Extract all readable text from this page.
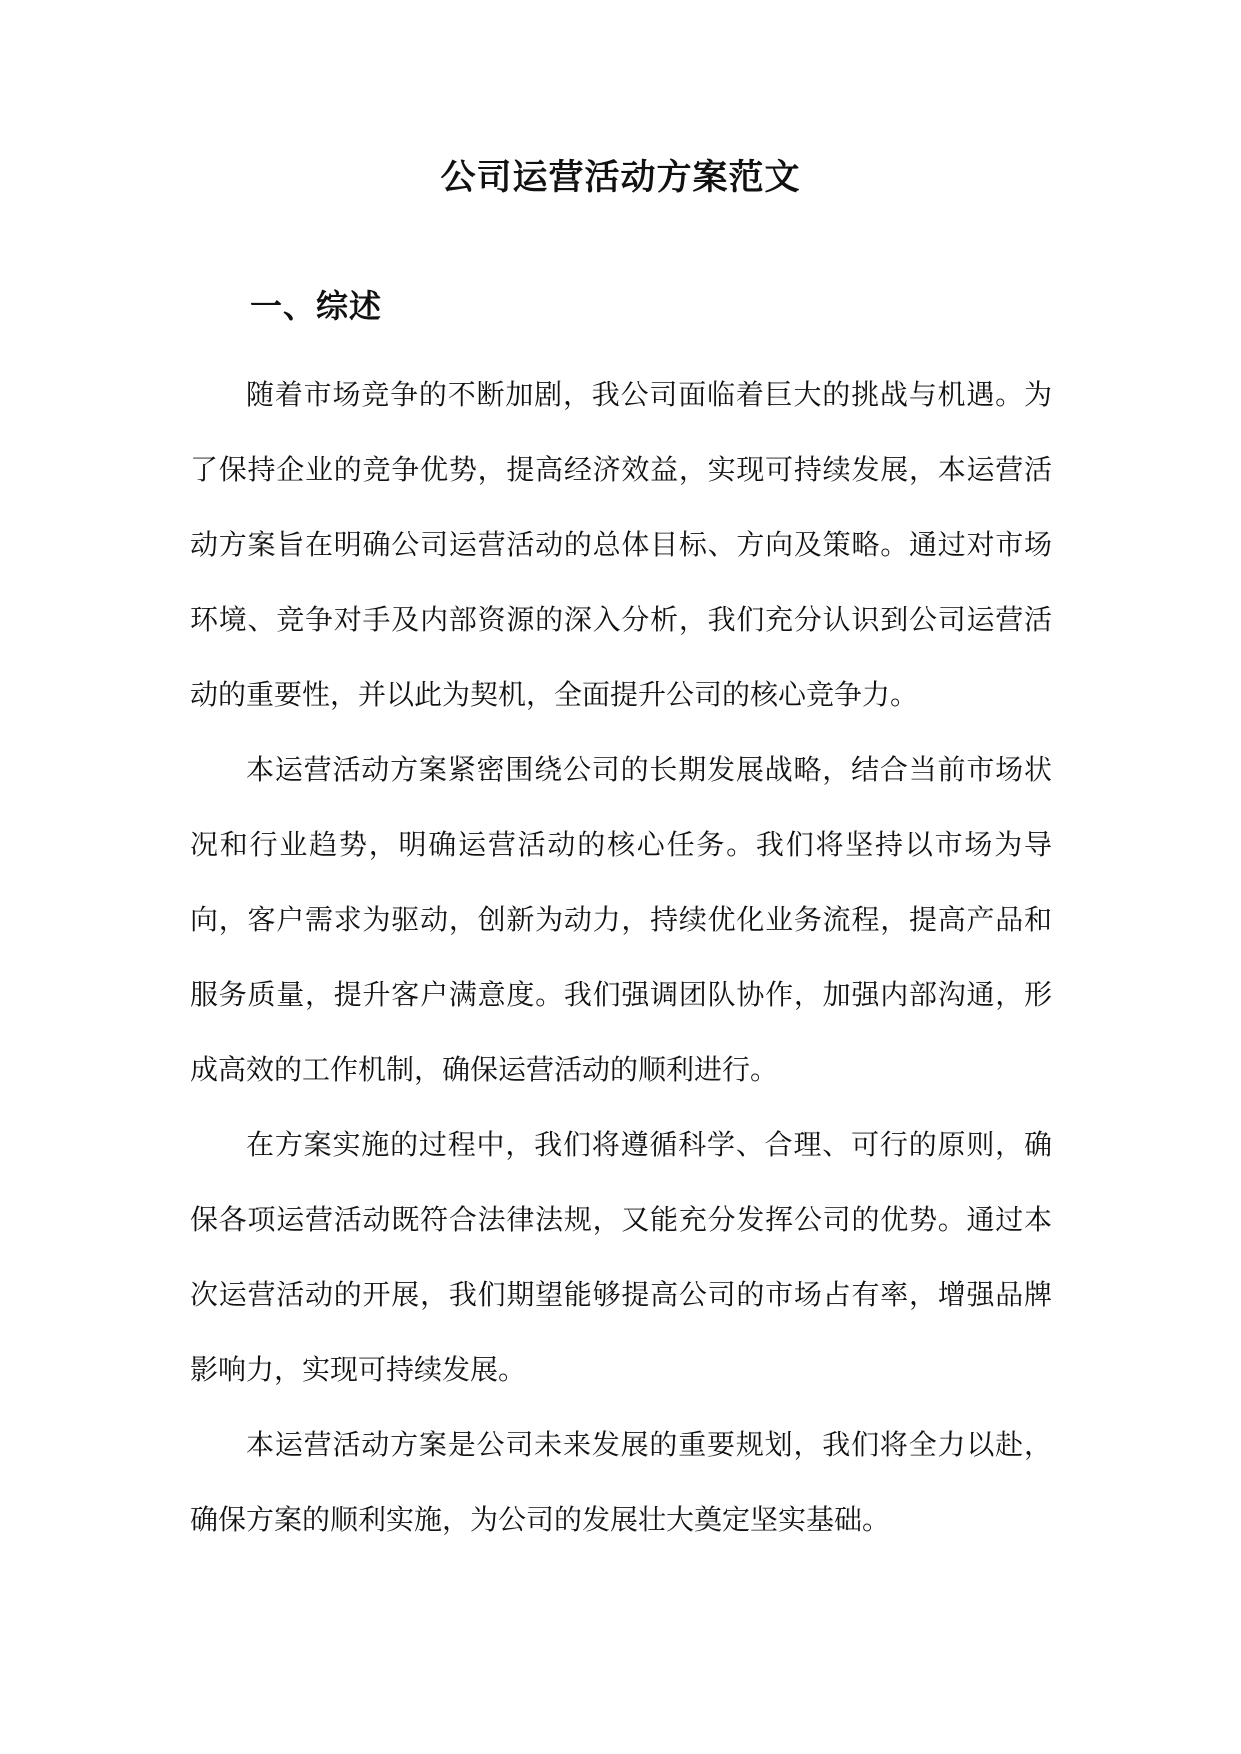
公司运营活动方案范文
一、综述

随着市场竞争的不断加剧，我公司面临着巨大的挑战与机遇。为了保持企业的竞争优势，提高经济效益，实现可持续发展，本运营活动方案旨在明确公司运营活动的总体目标、方向及策略。通过对市场环境、竞争对手及内部资源的深入分析，我们充分认识到公司运营活动的重要性，并以此为契机，全面提升公司的核心竞争力。

本运营活动方案紧密围绕公司的长期发展战略，结合当前市场状况和行业趋势，明确运营活动的核心任务。我们将坚持以市场为导向，客户需求为驱动，创新为动力，持续优化业务流程，提高产品和服务质量，提升客户满意度。我们强调团队协作，加强内部沟通，形成高效的工作机制，确保运营活动的顺利进行。

在方案实施的过程中，我们将遵循科学、合理、可行的原则，确保各项运营活动既符合法律法规，又能充分发挥公司的优势。通过本次运营活动的开展，我们期望能够提高公司的市场占有率，增强品牌影响力，实现可持续发展。

本运营活动方案是公司未来发展的重要规划，我们将全力以赴，确保方案的顺利实施，为公司的发展壮大奠定坚实基础。
